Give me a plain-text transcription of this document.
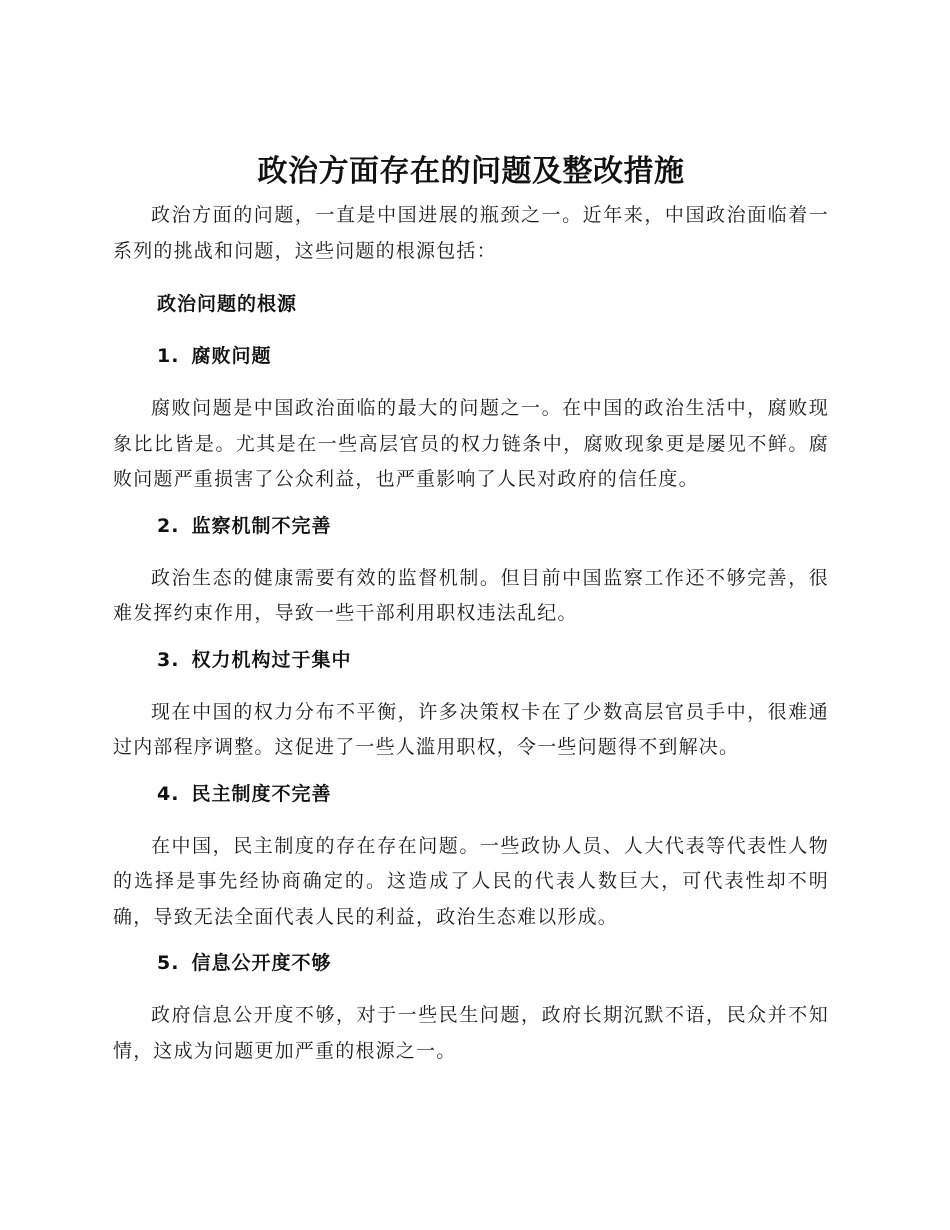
政治方面存在的问题及整改措施

政治方面的问题，一直是中国进展的瓶颈之一。近年来，中国政治面临着一系列的挑战和问题，这些问题的根源包括：

政治问题的根源
1. 腐败问题

腐败问题是中国政治面临的最大的问题之一。在中国的政治生活中，腐败现象比比皆是。尤其是在一些高层官员的权力链条中，腐败现象更是屡见不鲜。腐败问题严重损害了公众利益，也严重影响了人民对政府的信任度。

2. 监察机制不完善

政治生态的健康需要有效的监督机制。但目前中国监察工作还不够完善，很难发挥约束作用，导致一些干部利用职权违法乱纪。

3. 权力机构过于集中

现在中国的权力分布不平衡，许多决策权卡在了少数高层官员手中，很难通过内部程序调整。这促进了一些人滥用职权，令一些问题得不到解决。

4. 民主制度不完善

在中国，民主制度的存在存在问题。一些政协人员、人大代表等代表性人物的选择是事先经协商确定的。这造成了人民的代表人数巨大，可代表性却不明确，导致无法全面代表人民的利益，政治生态难以形成。

5. 信息公开度不够

政府信息公开度不够，对于一些民生问题，政府长期沉默不语，民众并不知情，这成为问题更加严重的根源之一。
